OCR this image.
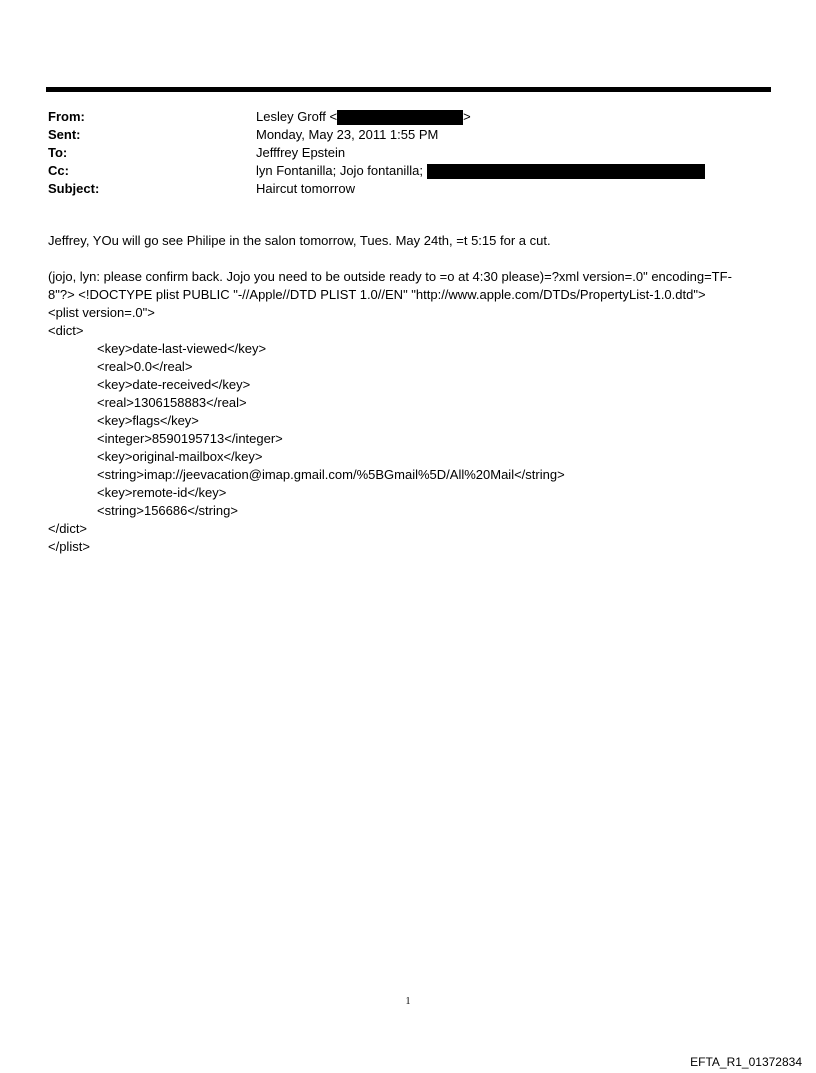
From:	Lesley Groff <	>
Sent:	Monday, May 23, 2011 1:55 PM
To:	Jefffrey Epstein
Cc:	lyn Fontanilla; Jojo fontanilla;
Subject:	Haircut tomorrow

Jeffrey, YOu will go see Philipe in the salon tomorrow, Tues. May 24th, =t 5:15 for a cut.

(jojo, lyn: please confirm back. Jojo you need to be outside ready to =o at 4:30 please)=?xml version=.0" encoding=TF-

8"?> <!DOCTYPE plist PUBLIC "-//Apple//DTD PLIST 1.0//EN" "http://www.apple.com/DTDs/PropertyList-1.0.dtd">

<plist version=.0">

<dict>

<key>date-last-viewed</key>

<real>0.0</real>

<key>date-received</key>

<real>1306158883</real>

<key>flags</key>

<integer>8590195713</integer>

<key>original-mailbox</key>

<string>imap://jeevacation@imap.gmail.com/%5BGmail%5D/All%20Mail</string>

<key>remote-id</key>

<string>156686</string>

</dict>

</plist>

1
EFTA_R1_01372834
